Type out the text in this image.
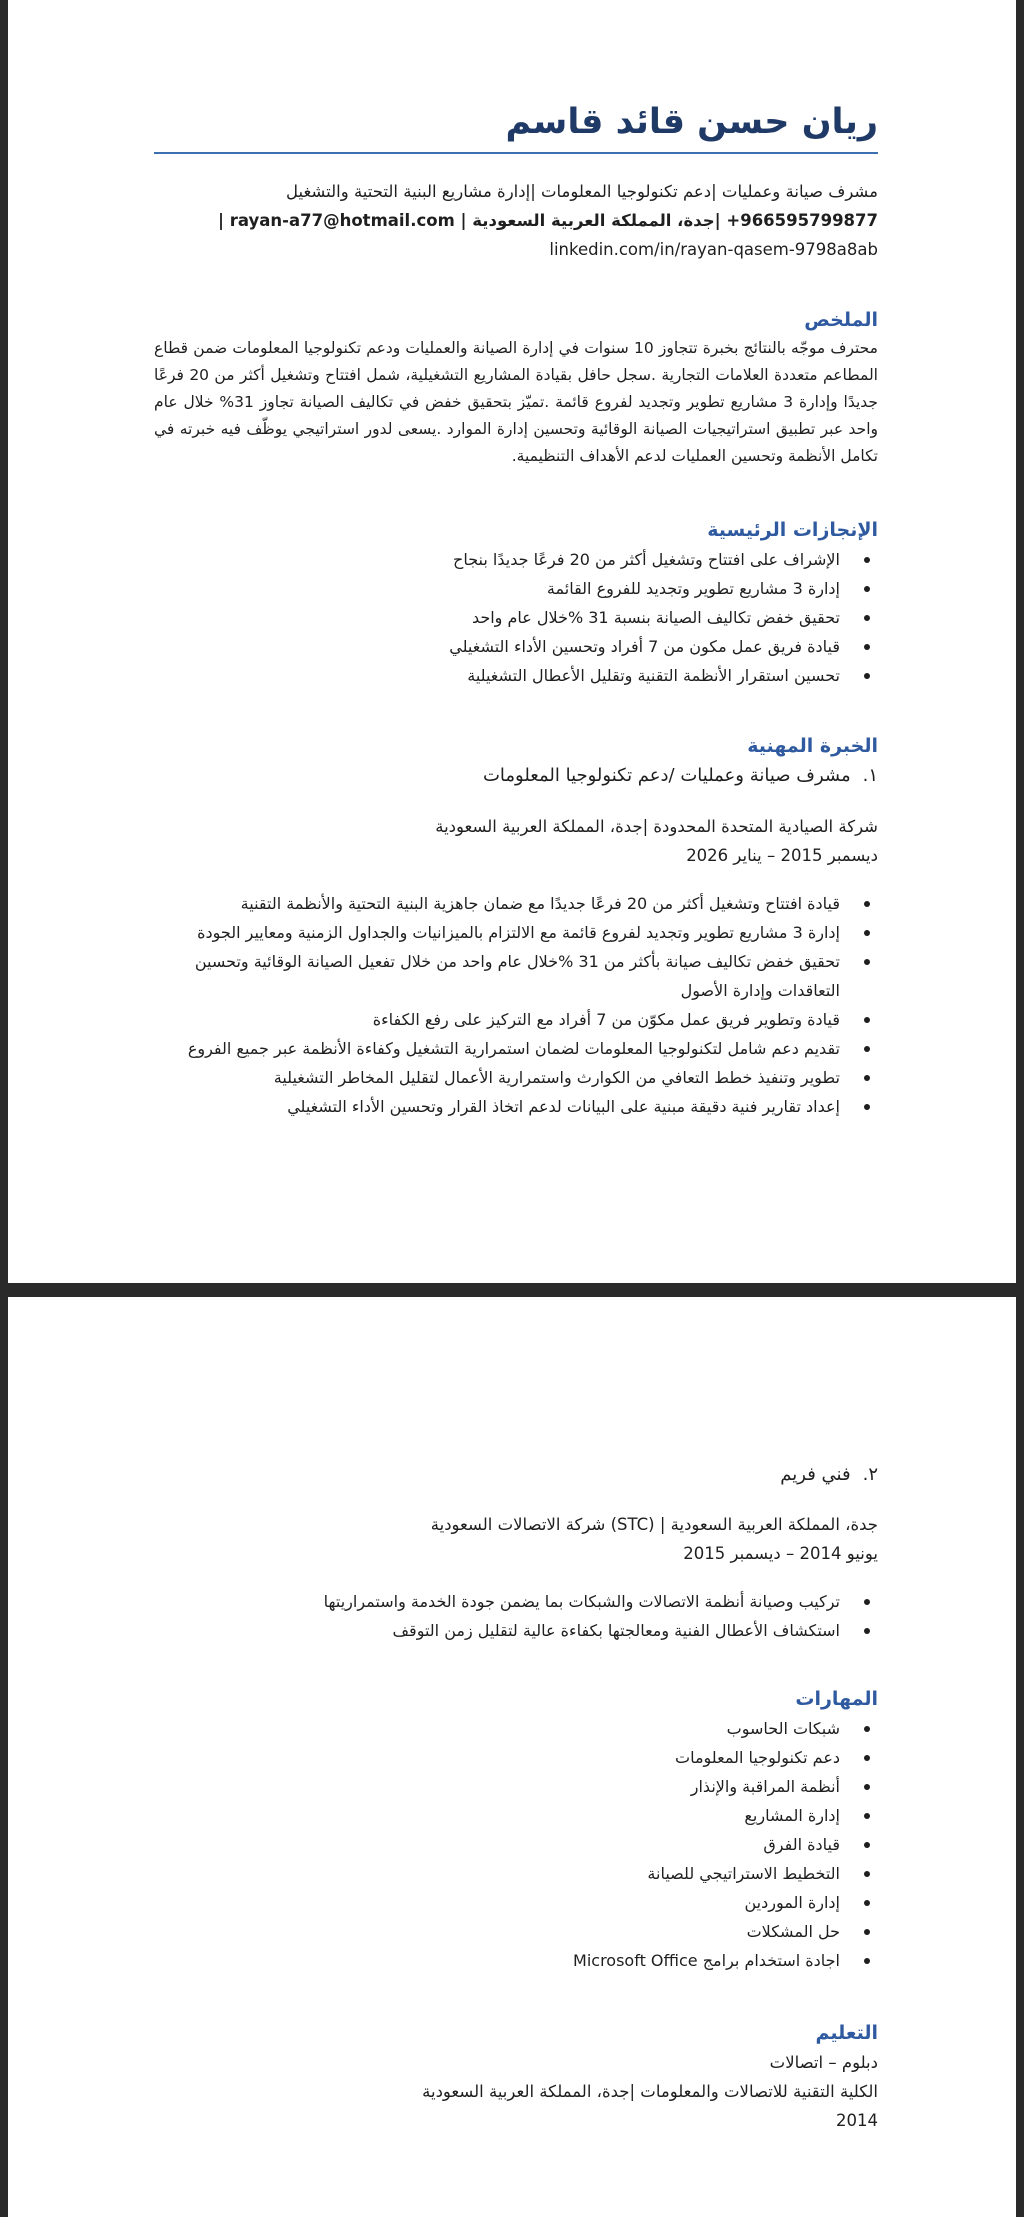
ريان حسن قائد قاسم

مشرف صيانة وعمليات |دعم تكنولوجيا المعلومات |إدارة مشاريع البنية التحتية والتشغيل

966595799877+ |جدة، المملكة العربية السعودية | rayan-a77@hotmail.com |

linkedin.com/in/rayan-qasem-9798a8ab

الملخص

محترف موجّه بالنتائج بخبرة تتجاوز 10 سنوات في إدارة الصيانة والعمليات ودعم تكنولوجيا المعلومات ضمن قطاع المطاعم متعددة العلامات التجارية .سجل حافل بقيادة المشاريع التشغيلية، شمل افتتاح وتشغيل أكثر من 20 فرعًا جديدًا وإدارة 3 مشاريع تطوير وتجديد لفروع قائمة .تميّز بتحقيق خفض في تكاليف الصيانة تجاوز 31% خلال عام واحد عبر تطبيق استراتيجيات الصيانة الوقائية وتحسين إدارة الموارد .يسعى لدور استراتيجي يوظّف فيه خبرته في تكامل الأنظمة وتحسين العمليات لدعم الأهداف التنظيمية.

الإنجازات الرئيسية
الإشراف على افتتاح وتشغيل أكثر من 20 فرعًا جديدًا بنجاح
إدارة 3 مشاريع تطوير وتجديد للفروع القائمة
تحقيق خفض تكاليف الصيانة بنسبة 31 %خلال عام واحد
قيادة فريق عمل مكون من 7 أفراد وتحسين الأداء التشغيلي
تحسين استقرار الأنظمة التقنية وتقليل الأعطال التشغيلية
الخبرة المهنية

١.مشرف صيانة وعمليات /دعم تكنولوجيا المعلومات

شركة الصيادية المتحدة المحدودة |جدة، المملكة العربية السعودية

ديسمبر 2015 – يناير 2026

قيادة افتتاح وتشغيل أكثر من 20 فرعًا جديدًا مع ضمان جاهزية البنية التحتية والأنظمة التقنية
إدارة 3 مشاريع تطوير وتجديد لفروع قائمة مع الالتزام بالميزانيات والجداول الزمنية ومعايير الجودة
تحقيق خفض تكاليف صيانة بأكثر من 31 %خلال عام واحد من خلال تفعيل الصيانة الوقائية وتحسين التعاقدات وإدارة الأصول
قيادة وتطوير فريق عمل مكوّن من 7 أفراد مع التركيز على رفع الكفاءة
تقديم دعم شامل لتكنولوجيا المعلومات لضمان استمرارية التشغيل وكفاءة الأنظمة عبر جميع الفروع
تطوير وتنفيذ خطط التعافي من الكوارث واستمرارية الأعمال لتقليل المخاطر التشغيلية
إعداد تقارير فنية دقيقة مبنية على البيانات لدعم اتخاذ القرار وتحسين الأداء التشغيلي

٢.فني فريم

جدة، المملكة العربية السعودية | (STC) شركة الاتصالات السعودية

يونيو 2014 – ديسمبر 2015

تركيب وصيانة أنظمة الاتصالات والشبكات بما يضمن جودة الخدمة واستمراريتها
استكشاف الأعطال الفنية ومعالجتها بكفاءة عالية لتقليل زمن التوقف
المهارات
شبكات الحاسوب
دعم تكنولوجيا المعلومات
أنظمة المراقبة والإنذار
إدارة المشاريع
قيادة الفرق
التخطيط الاستراتيجي للصيانة
إدارة الموردين
حل المشكلات
اجادة استخدام برامج Microsoft Office
التعليم

دبلوم – اتصالات

الكلية التقنية للاتصالات والمعلومات |جدة، المملكة العربية السعودية

2014
